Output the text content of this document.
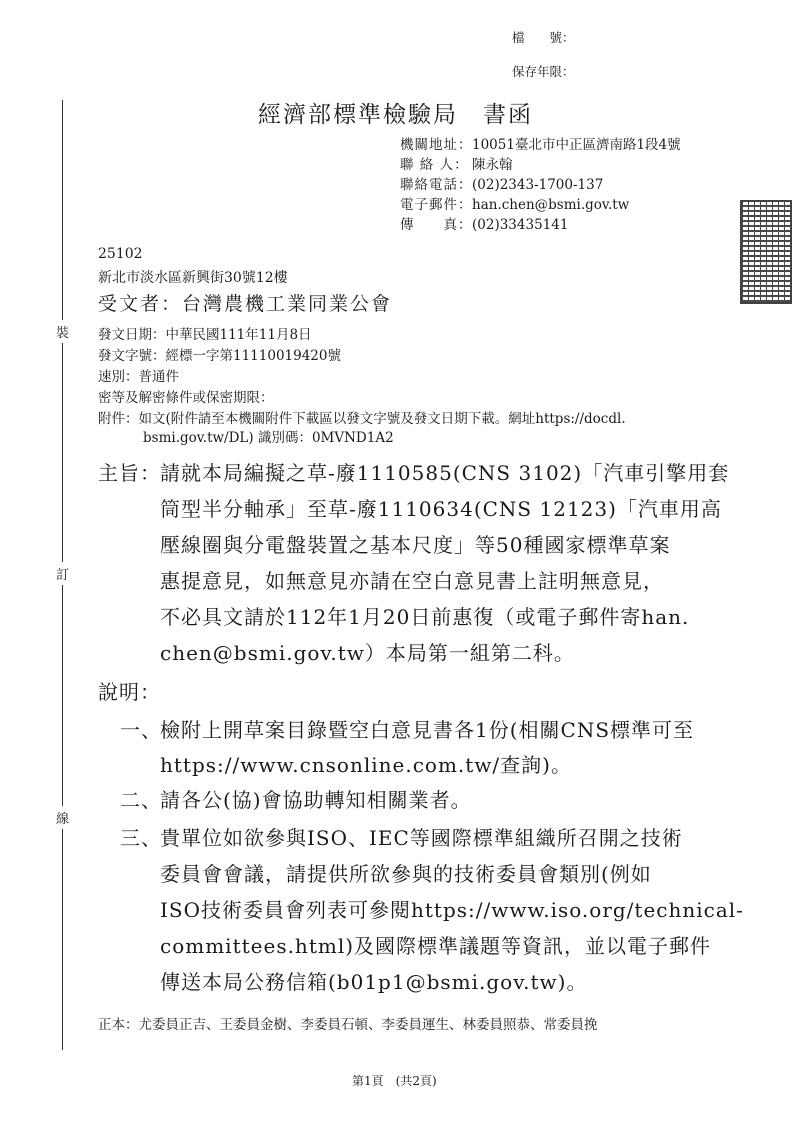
檔　　號：
保存年限：
裝
訂
線
經濟部標準檢驗局　書函
機關地址：10051臺北市中正區濟南路1段4號
聯 絡 人： 陳永翰
聯絡電話：(02)2343-1700-137
電子郵件：han.chen@bsmi.gov.tw
傳　　真：(02)33435141
25102
新北市淡水區新興街30號12樓
受文者：台灣農機工業同業公會
發文日期：中華民國111年11月8日
發文字號：經標一字第11110019420號
速別：普通件
密等及解密條件或保密期限：
附件：如文(附件請至本機關附件下載區以發文字號及發文日期下載。網址https://docdl.
bsmi.gov.tw/DL) 識別碼：0MVND1A2
主旨： 請就本局編擬之草-廢1110585(CNS 3102)「汽車引擎用套
筒型半分軸承」至草-廢1110634(CNS 12123)「汽車用高
壓線圈與分電盤裝置之基本尺度」等50種國家標準草案
惠提意見，如無意見亦請在空白意見書上註明無意見，
不必具文請於112年1月20日前惠復（或電子郵件寄han.
chen@bsmi.gov.tw）本局第一組第二科。
說明：
一、
檢附上開草案目錄暨空白意見書各1份(相關CNS標準可至
https://www.cnsonline.com.tw/查詢)。
二、
請各公(協)會協助轉知相關業者。
三、
貴單位如欲參與ISO、IEC等國際標準組織所召開之技術
委員會會議，請提供所欲參與的技術委員會類別(例如
ISO技術委員會列表可參閱https://www.iso.org/technical-
committees.html)及國際標準議題等資訊，並以電子郵件
傳送本局公務信箱(b01p1@bsmi.gov.tw)。
正本：尤委員正吉、王委員金樹、李委員石頓、李委員運生、林委員照恭、常委員挽
第1頁　(共2頁)
